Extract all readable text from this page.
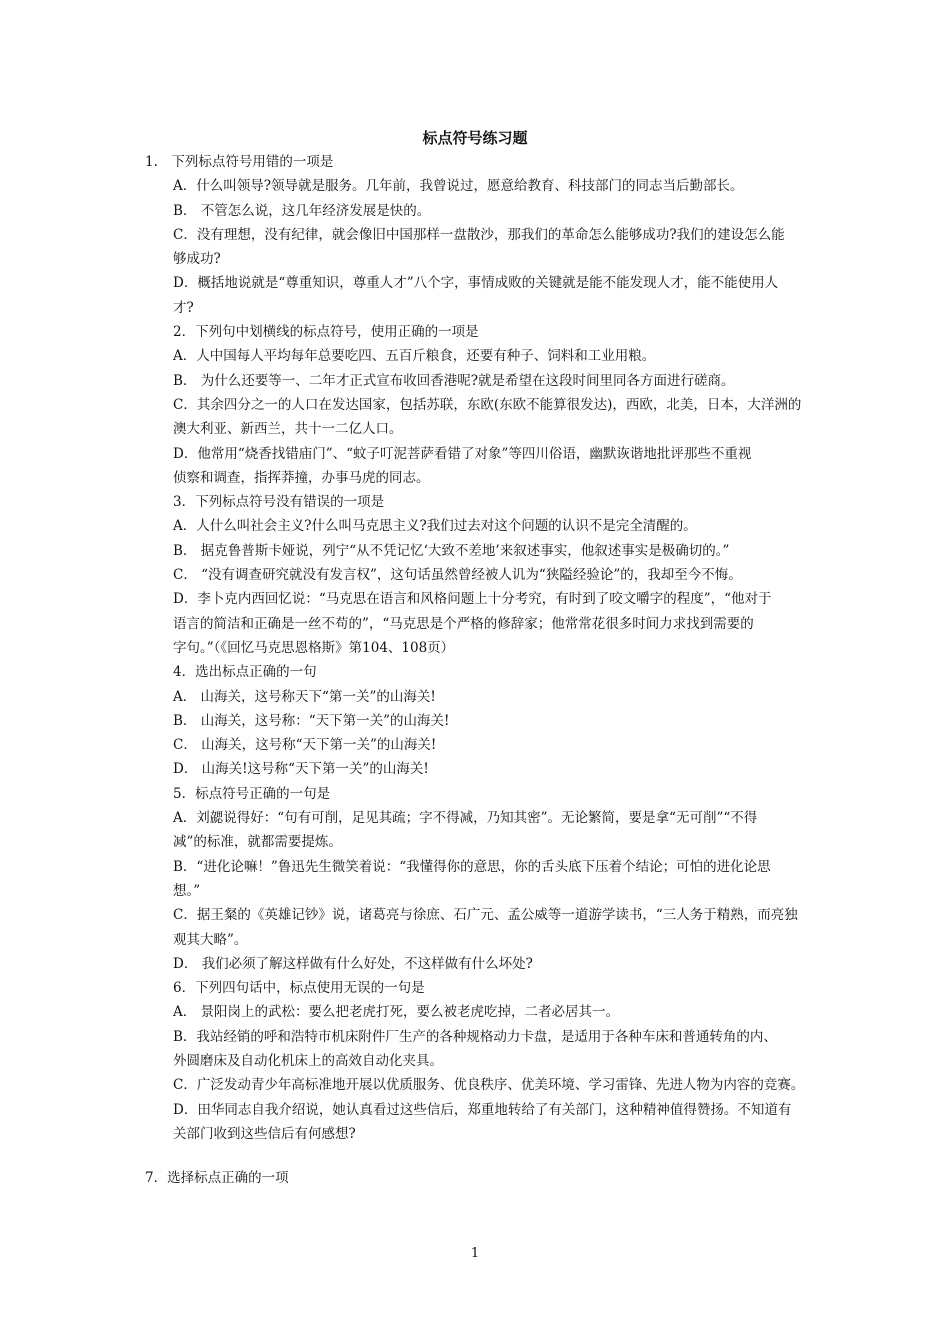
标点符号练习题
1.　下列标点符号用错的一项是
A．什么叫领导?领导就是服务。几年前，我曾说过，愿意给教育、科技部门的同志当后勤部长。
B． 不管怎么说，这几年经济发展是快的。
C．没有理想，没有纪律，就会像旧中国那样一盘散沙，那我们的革命怎么能够成功?我们的建设怎么能
够成功?
D．概括地说就是“尊重知识，尊重人才”八个字，事情成败的关键就是能不能发现人才，能不能使用人
才?
2．下列句中划横线的标点符号，使用正确的一项是
A．人中国每人平均每年总要吃四、五百斤粮食，还要有种子、饲料和工业用粮。
B． 为什么还要等一、二年才正式宣布收回香港呢?就是希望在这段时间里同各方面进行磋商。
C．其余四分之一的人口在发达国家，包括苏联，东欧(东欧不能算很发达)，西欧，北美，日本，大洋洲的
澳大利亚、新西兰，共十一二亿人口。
D．他常用“烧香找错庙门”、“蚊子叮泥菩萨看错了对象”等四川俗语，幽默诙谐地批评那些不重视
侦察和调查，指挥莽撞，办事马虎的同志。
3．下列标点符号没有错误的一项是
A．人什么叫社会主义?什么叫马克思主义?我们过去对这个问题的认识不是完全清醒的。
B． 据克鲁普斯卡娅说，列宁“从不凭记忆‘大致不差地’来叙述事实，他叙述事实是极确切的。”
C． “没有调查研究就没有发言权”，这句话虽然曾经被人讥为“狭隘经验论”的，我却至今不悔。
D．李卜克内西回忆说：“马克思在语言和风格问题上十分考究，有时到了咬文嚼字的程度”，“他对于
语言的简洁和正确是一丝不苟的”，“马克思是个严格的修辞家；他常常花很多时间力求找到需要的
字句。”（《回忆马克思恩格斯》第104、108页）
4．选出标点正确的一句
A． 山海关，这号称天下“第一关”的山海关!
B． 山海关，这号称：“天下第一关”的山海关!
C． 山海关，这号称“天下第一关”的山海关!
D． 山海关!这号称“天下第一关”的山海关!
5．标点符号正确的一句是
A．刘勰说得好：“句有可削，足见其疏；字不得减，乃知其密”。无论繁简，要是拿“无可削”“不得
减”的标准，就都需要提炼。
B．“进化论嘛！”鲁迅先生微笑着说：“我懂得你的意思，你的舌头底下压着个结论；可怕的进化论思
想。”
C．据王粲的《英雄记钞》说，诸葛亮与徐庶、石广元、孟公威等一道游学读书，“三人务于精熟，而亮独
观其大略”。
D． 我们必须了解这样做有什么好处，不这样做有什么坏处?
6．下列四句话中，标点使用无误的一句是
A． 景阳岗上的武松：要么把老虎打死，要么被老虎吃掉，二者必居其一。
B．我站经销的呼和浩特市机床附件厂生产的各种规格动力卡盘，是适用于各种车床和普通转角的内、
外圆磨床及自动化机床上的高效自动化夹具。
C．广泛发动青少年高标准地开展以优质服务、优良秩序、优美环境、学习雷锋、先进人物为内容的竞赛。
D．田华同志自我介绍说，她认真看过这些信后，郑重地转给了有关部门，这种精神值得赞扬。不知道有
关部门收到这些信后有何感想?
7．选择标点正确的一项
1
